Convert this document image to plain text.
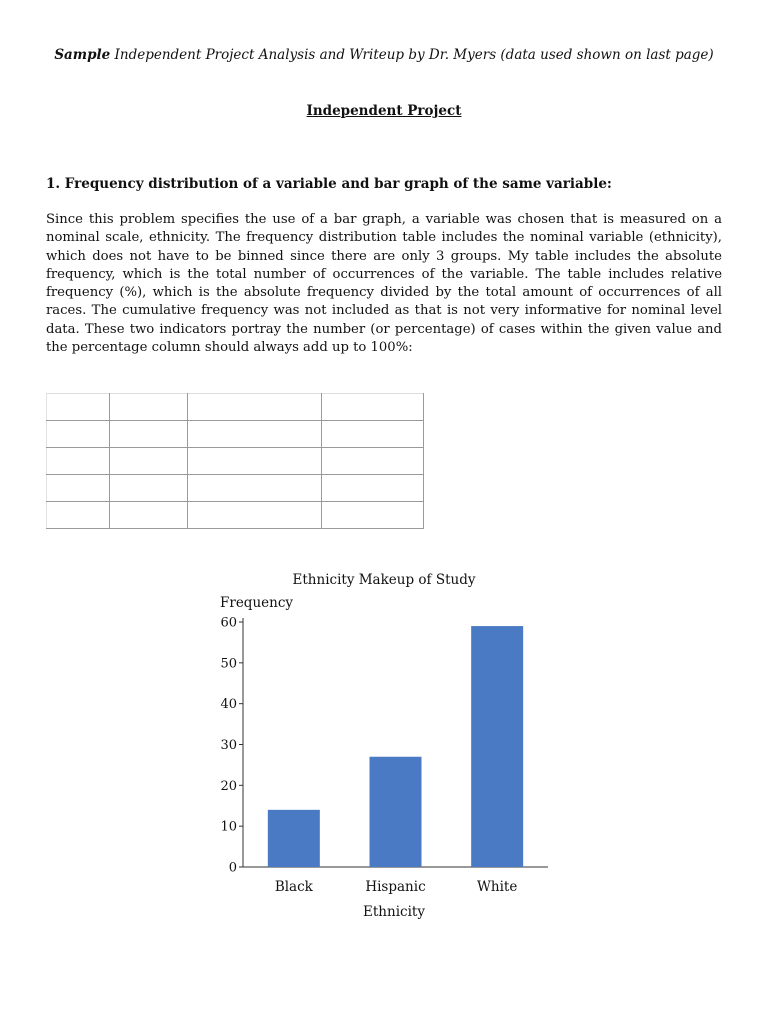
Sample Independent Project Analysis and Writeup by Dr. Myers (data used shown on last page)
Independent Project
1. Frequency distribution of a variable and bar graph of the same variable:
Since this problem specifies the use of a bar graph, a variable was chosen that is measured on a nominal scale, ethnicity. The frequency distribution table includes the nominal variable (ethnicity), which does not have to be binned since there are only 3 groups. My table includes the absolute frequency, which is the total number of occurrences of the variable. The table includes relative frequency (%), which is the absolute frequency divided by the total amount of occurrences of all races. The cumulative frequency was not included as that is not very informative for nominal level data. These two indicators portray the number (or percentage) of cases within the given value and the percentage column should always add up to 100%:

Ethnicity Makeup of Study
Frequency
Ethnicity
0
10
20
30
40
50
60
Black	Hispanic	White
